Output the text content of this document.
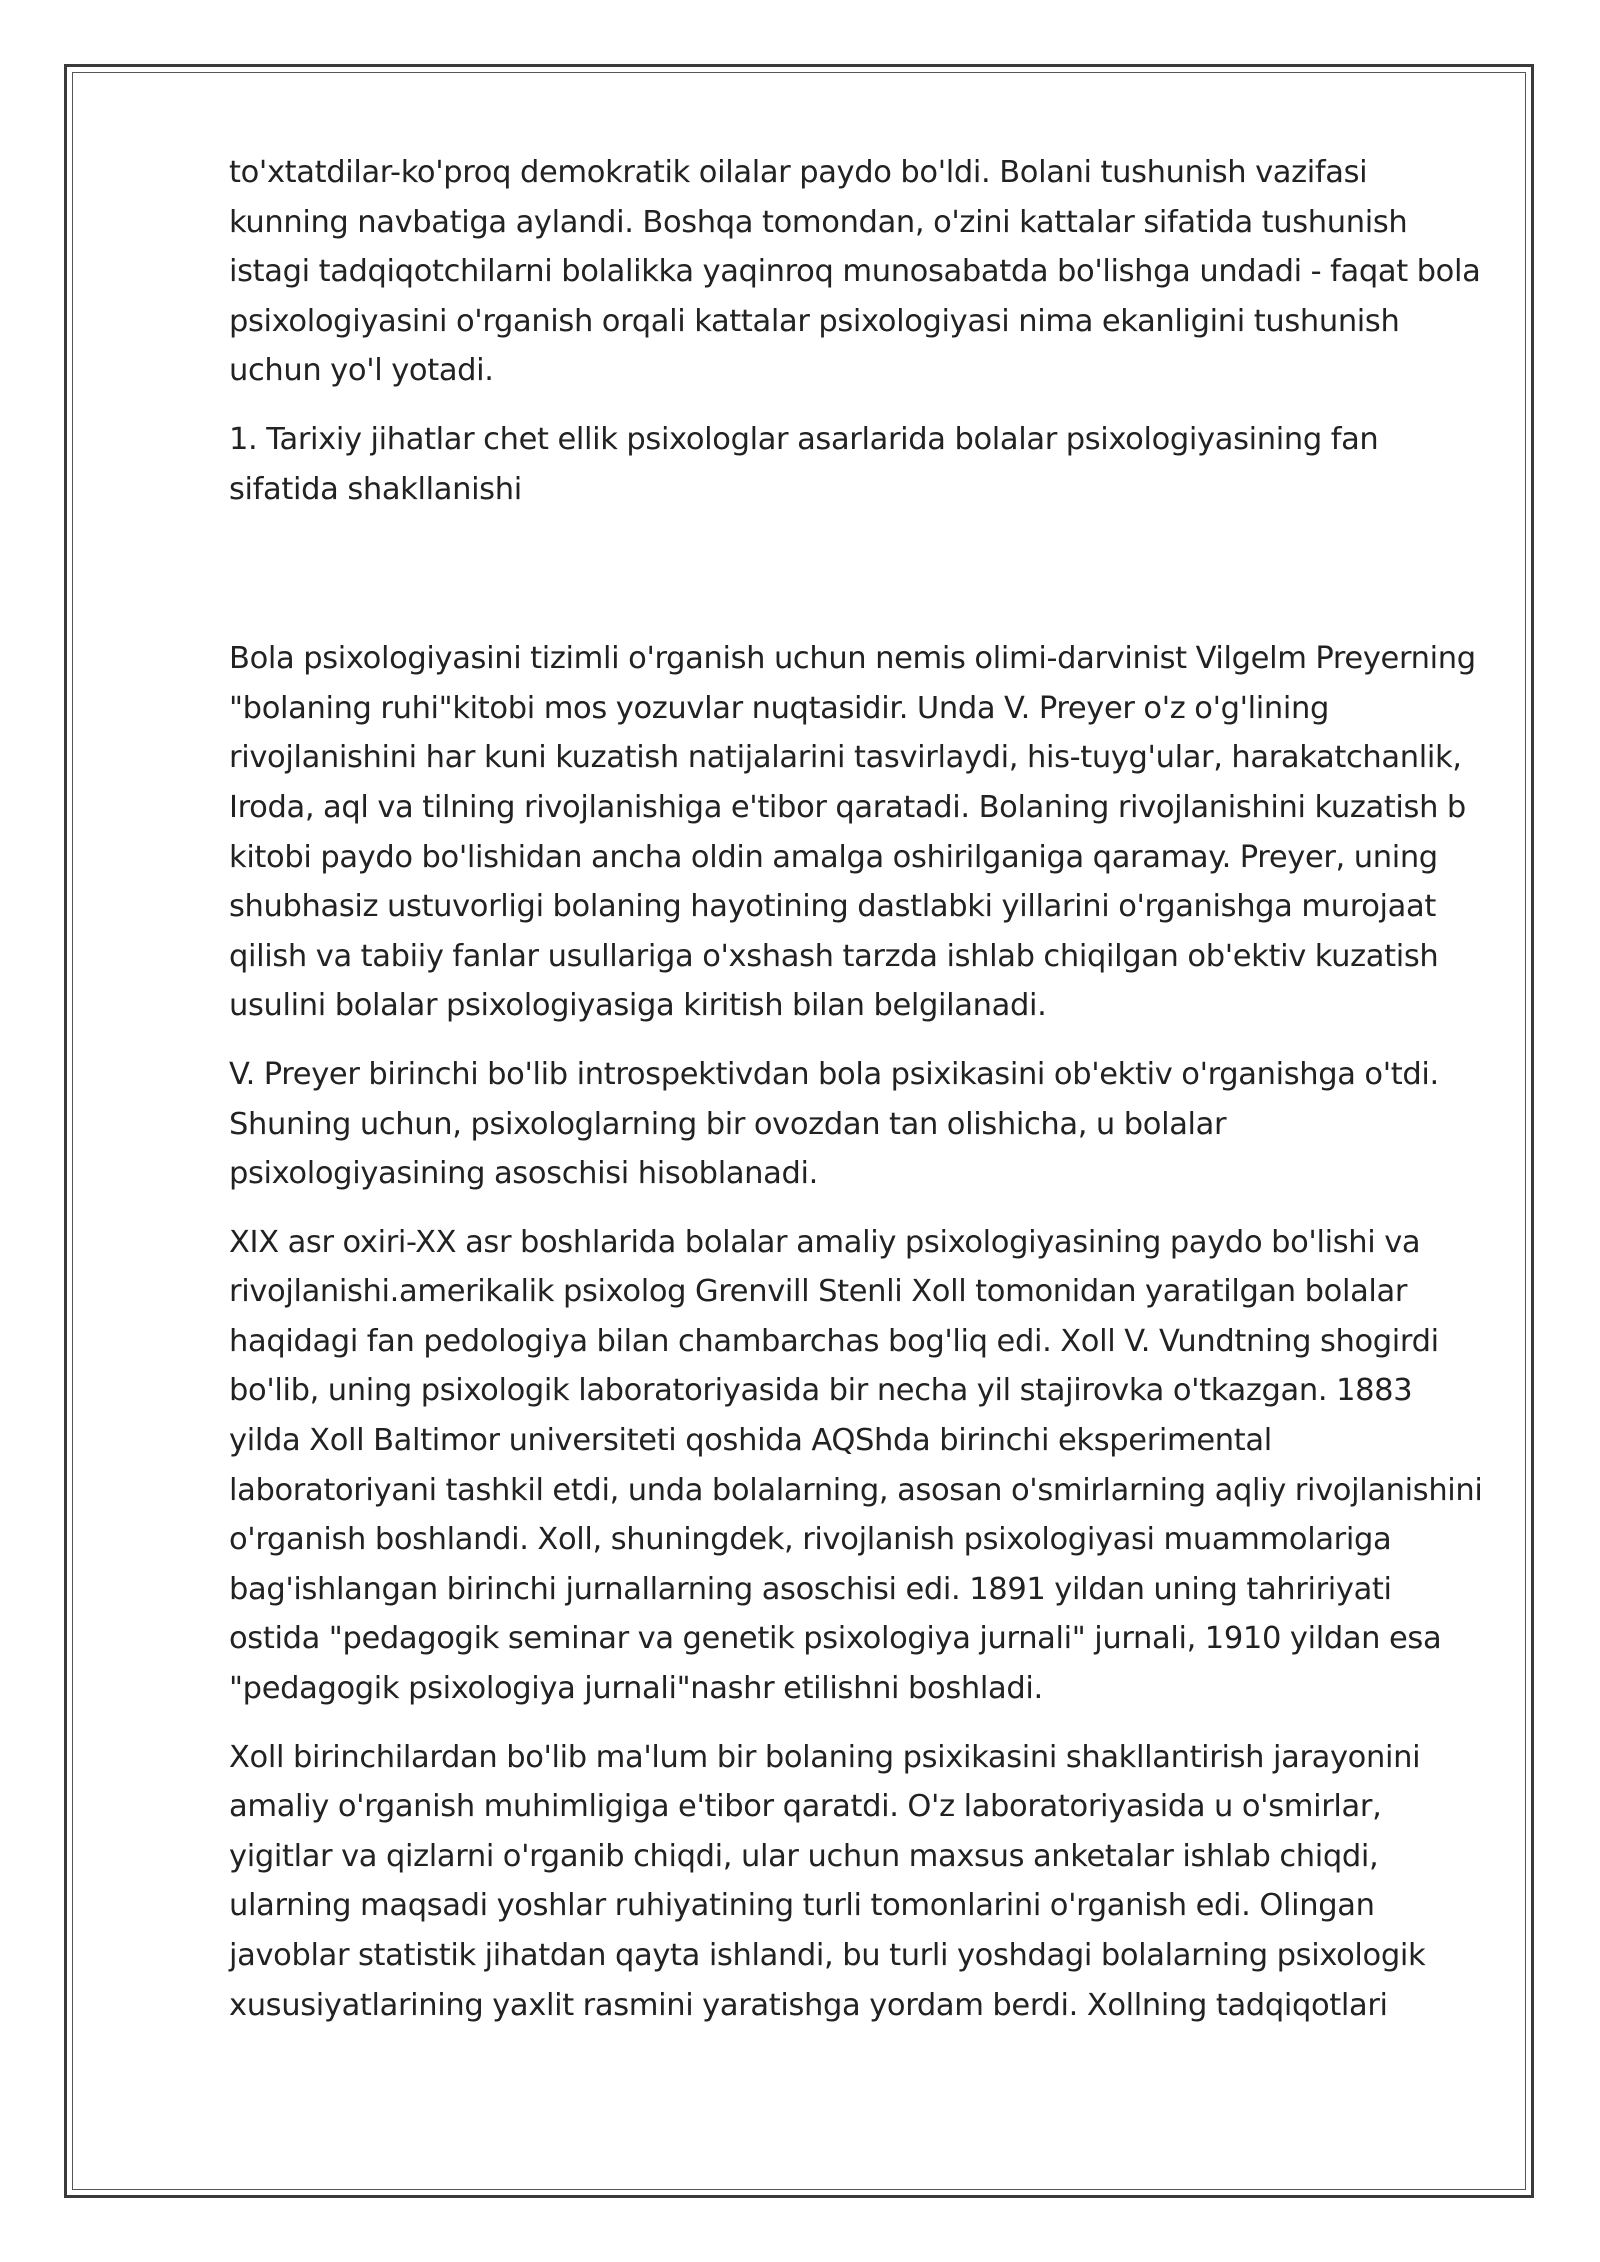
to'xtatdilar-ko'proq demokratik oilalar paydo bo'ldi. Bolani tushunish vazifasi kunning navbatiga aylandi. Boshqa tomondan, o'zini kattalar sifatida tushunish istagi tadqiqotchilarni bolalikka yaqinroq munosabatda bo'lishga undadi - faqat bola psixologiyasini o'rganish orqali kattalar psixologiyasi nima ekanligini tushunish uchun yo'l yotadi.

1. Tarixiy jihatlar chet ellik psixologlar asarlarida bolalar psixologiyasining fan sifatida shakllanishi

Bola psixologiyasini tizimli o'rganish uchun nemis olimi-darvinist Vilgelm Preyerning "bolaning ruhi"kitobi mos yozuvlar nuqtasidir. Unda V. Preyer o'z o'g'lining rivojlanishini har kuni kuzatish natijalarini tasvirlaydi, his-tuyg'ular, harakatchanlik, Iroda, aql va tilning rivojlanishiga e'tibor qaratadi. Bolaning rivojlanishini kuzatish b kitobi paydo bo'lishidan ancha oldin amalga oshirilganiga qaramay. Preyer, uning shubhasiz ustuvorligi bolaning hayotining dastlabki yillarini o'rganishga murojaat qilish va tabiiy fanlar usullariga o'xshash tarzda ishlab chiqilgan ob'ektiv kuzatish usulini bolalar psixologiyasiga kiritish bilan belgilanadi.

V. Preyer birinchi bo'lib introspektivdan bola psixikasini ob'ektiv o'rganishga o'tdi. Shuning uchun, psixologlarning bir ovozdan tan olishicha, u bolalar psixologiyasining asoschisi hisoblanadi.

XIX asr oxiri-XX asr boshlarida bolalar amaliy psixologiyasining paydo bo'lishi va rivojlanishi.amerikalik psixolog Grenvill Stenli Xoll tomonidan yaratilgan bolalar haqidagi fan pedologiya bilan chambarchas bog'liq edi. Xoll V. Vundtning shogirdi bo'lib, uning psixologik laboratoriyasida bir necha yil stajirovka o'tkazgan. 1883 yilda Xoll Baltimor universiteti qoshida AQShda birinchi eksperimental laboratoriyani tashkil etdi, unda bolalarning, asosan o'smirlarning aqliy rivojlanishini o'rganish boshlandi. Xoll, shuningdek, rivojlanish psixologiyasi muammolariga bag'ishlangan birinchi jurnallarning asoschisi edi. 1891 yildan uning tahririyati ostida "pedagogik seminar va genetik psixologiya jurnali" jurnali, 1910 yildan esa "pedagogik psixologiya jurnali"nashr etilishni boshladi.

Xoll birinchilardan bo'lib ma'lum bir bolaning psixikasini shakllantirish jarayonini amaliy o'rganish muhimligiga e'tibor qaratdi. O'z laboratoriyasida u o'smirlar, yigitlar va qizlarni o'rganib chiqdi, ular uchun maxsus anketalar ishlab chiqdi, ularning maqsadi yoshlar ruhiyatining turli tomonlarini o'rganish edi. Olingan javoblar statistik jihatdan qayta ishlandi, bu turli yoshdagi bolalarning psixologik xususiyatlarining yaxlit rasmini yaratishga yordam berdi. Xollning tadqiqotlari
